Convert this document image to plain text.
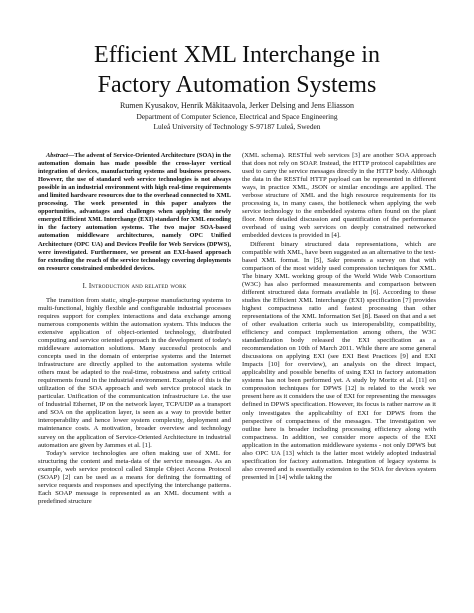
Efficient XML Interchange in
Factory Automation Systems
Rumen Kyusakov, Henrik Mäkitaavola, Jerker Delsing and Jens Eliasson
Department of Computer Science, Electrical and Space Engineering
Luleå University of Technology S-97187 Luleå, Sweden

Abstract—The advent of Service-Oriented Architecture (SOA) in the automation domain has made possible the cross-layer vertical integration of devices, manufacturing systems and business processes. However, the use of standard web service technologies is not always possible in an industrial environment with high real-time requirements and limited hardware resources due to the overhead connected to XML processing. The work presented in this paper analyzes the opportunities, advantages and challenges when applying the newly emerged Efficient XML Interchange (EXI) standard for XML encoding in the factory automation systems. The two major SOA-based automation middleware architectures, namely OPC Unified Architecture (OPC UA) and Devices Profile for Web Services (DPWS), were investigated. Furthermore, we present an EXI-based approach for extending the reach of the service technology covering deployments on resource constrained embedded devices.

I. Introduction and related work

The transition from static, single-purpose manufacturing systems to multi-functional, highly flexible and configurable industrial processes requires support for complex interactions and data exchange among numerous components within the automation system. This induces the extensive application of object-oriented technology, distributed computing and service oriented approach in the development of today's middleware automation solutions. Many successful protocols and concepts used in the domain of enterprise systems and the Internet infrastructure are directly applied to the automation systems while others must be adapted to the real-time, robustness and safety critical requirements found in the industrial environment. Example of this is the utilization of the SOA approach and web service protocol stack in particular. Unification of the communication infrastructure i.e. the use of Industrial Ethernet, IP on the network layer, TCP/UDP as a transport and SOA on the application layer, is seen as a way to provide better interoperability and hence lower system complexity, deployment and maintenance costs. A motivation, broader overview and technology survey on the application of Service-Oriented Architecture in industrial automation are given by Jammes et al. [1].

Today's service technologies are often making use of XML for structuring the content and meta-data of the service messages. As an example, web service protocol called Simple Object Access Protocol (SOAP) [2] can be used as a means for defining the formatting of service requests and responses and specifying the interchange patterns. Each SOAP message is represented as an XML document with a predefined structure

(XML schema). RESTful web services [3] are another SOA approach that does not rely on SOAP. Instead, the HTTP protocol capabilities are used to carry the service messages directly in the HTTP body. Although the data in the RESTful HTTP payload can be represented in different ways, in practice XML, JSON or similar encodings are applied. The verbose structure of XML and the high resource requirements for its processing is, in many cases, the bottleneck when applying the web service technology to the embedded systems often found on the plant floor. More detailed discussion and quantification of the performance overhead of using web services on deeply constrained networked embedded devices is provided in [4].

Different binary structured data representations, which are compatible with XML, have been suggested as an alternative to the text-based XML format. In [5], Sakr presents a survey on that with comparison of the most widely used compression techniques for XML. The binary XML working group of the World Wide Web Consortium (W3C) has also performed measurements and comparison between different structured data formats available in [6]. According to these studies the Efficient XML Interchange (EXI) specification [7] provides highest compactness ratio and fastest processing than other representations of the XML Information Set [8]. Based on that and a set of other evaluation criteria such us interoperability, compatibility, efficiency and compact implementation among others, the W3C standardization body released the EXI specification as a recommendation on 10th of March 2011. While there are some general discussions on applying EXI (see EXI Best Practices [9] and EXI Impacts [10] for overview), an analysis on the direct impact, applicability and possible benefits of using EXI in factory automation systems has not been performed yet. A study by Moritz et al. [11] on compression techniques for DPWS [12] is related to the work we present here as it considers the use of EXI for representing the messages defined in DPWS specification. However, its focus is rather narrow as it only investigates the applicability of EXI for DPWS from the perspective of compactness of the messages. The investigation we outline here is broader including processing efficiency along with compactness. In addition, we consider more aspects of the EXI application in the automation middleware systems - not only DPWS but also OPC UA [13] which is the latter most widely adopted industrial specification for factory automation. Integration of legacy systems is also covered and is essentially extension to the SOA for devices system presented in [14] while taking the
